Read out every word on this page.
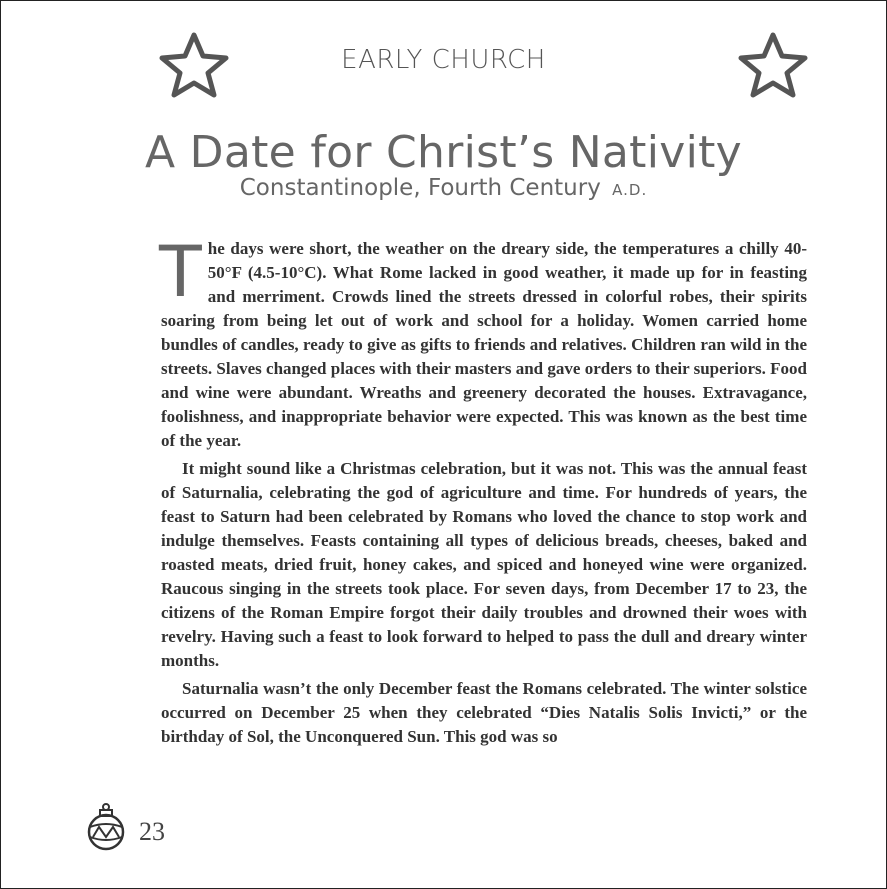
EARLY CHURCH
A Date for Christ’s Nativity
Constantinople, Fourth Century A.D.

The days were short, the weather on the dreary side, the temperatures a chilly 40-50°F (4.5-10°C). What Rome lacked in good weather, it made up for in feasting and merriment. Crowds lined the streets dressed in colorful robes, their spirits soaring from being let out of work and school for a holiday. Women carried home bundles of candles, ready to give as gifts to friends and relatives. Children ran wild in the streets. Slaves changed places with their masters and gave orders to their superiors. Food and wine were abundant. Wreaths and greenery decorated the houses. Extravagance, foolishness, and inappropriate behavior were expected. This was known as the best time of the year.

It might sound like a Christmas celebration, but it was not. This was the annual feast of Saturnalia, celebrating the god of agriculture and time. For hundreds of years, the feast to Saturn had been celebrated by Romans who loved the chance to stop work and indulge themselves. Feasts containing all types of delicious breads, cheeses, baked and roasted meats, dried fruit, honey cakes, and spiced and honeyed wine were organized. Raucous singing in the streets took place. For seven days, from December 17 to 23, the citizens of the Roman Empire forgot their daily troubles and drowned their woes with revelry. Having such a feast to look forward to helped to pass the dull and dreary winter months.

Saturnalia wasn’t the only December feast the Romans celebrated. The winter solstice occurred on December 25 when they celebrated “Dies Natalis Solis Invicti,” or the birthday of Sol, the Unconquered Sun. This god was so

23
